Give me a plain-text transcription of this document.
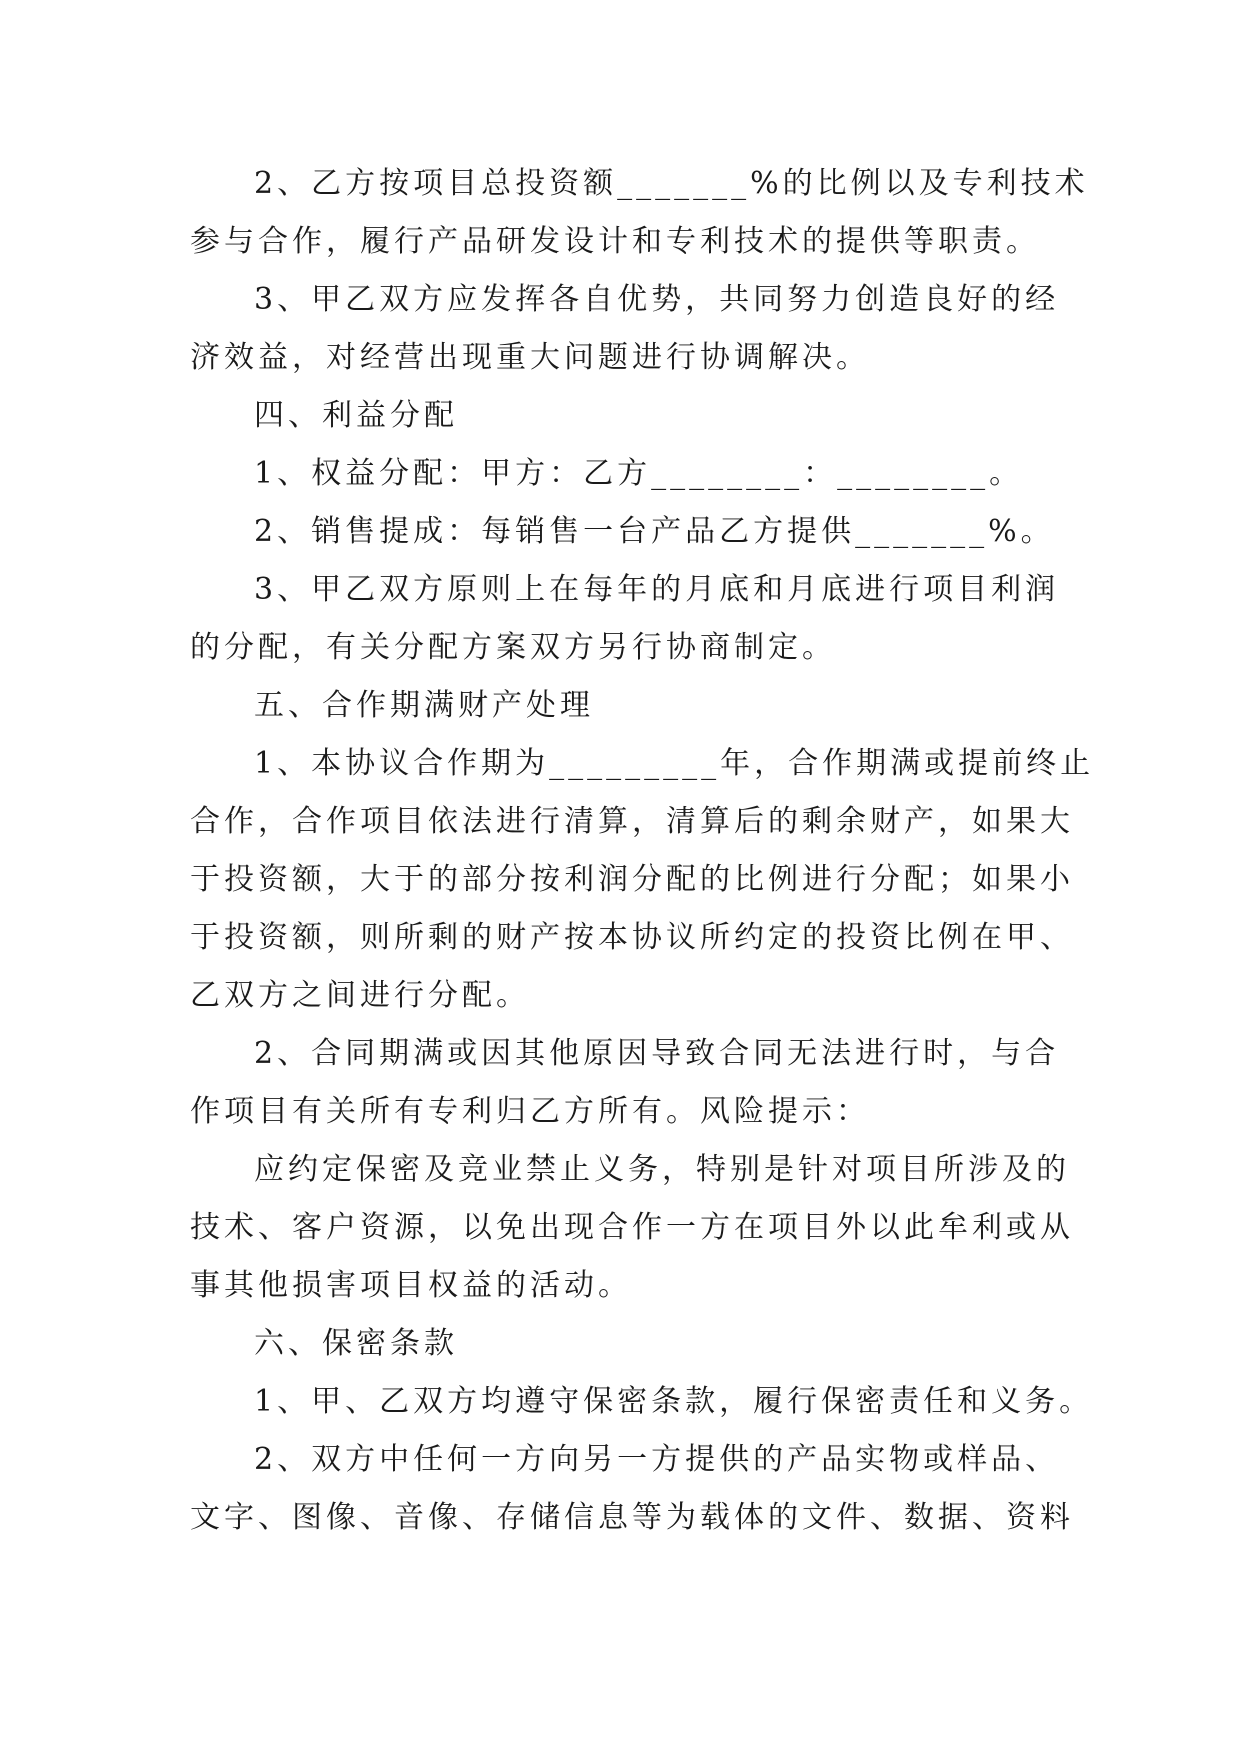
2、乙方按项目总投资额_______%的比例以及专利技术

参与合作，履行产品研发设计和专利技术的提供等职责。

3、甲乙双方应发挥各自优势，共同努力创造良好的经

济效益，对经营出现重大问题进行协调解决。

四、利益分配

1、权益分配：甲方：乙方________：________。

2、销售提成：每销售一台产品乙方提供_______%。

3、甲乙双方原则上在每年的月底和月底进行项目利润

的分配，有关分配方案双方另行协商制定。

五、合作期满财产处理

1、本协议合作期为_________年，合作期满或提前终止

合作，合作项目依法进行清算，清算后的剩余财产，如果大

于投资额，大于的部分按利润分配的比例进行分配；如果小

于投资额，则所剩的财产按本协议所约定的投资比例在甲、

乙双方之间进行分配。

2、合同期满或因其他原因导致合同无法进行时，与合

作项目有关所有专利归乙方所有。风险提示：

应约定保密及竞业禁止义务，特别是针对项目所涉及的

技术、客户资源，以免出现合作一方在项目外以此牟利或从

事其他损害项目权益的活动。

六、保密条款

1、甲、乙双方均遵守保密条款，履行保密责任和义务。

2、双方中任何一方向另一方提供的产品实物或样品、

文字、图像、音像、存储信息等为载体的文件、数据、资料
